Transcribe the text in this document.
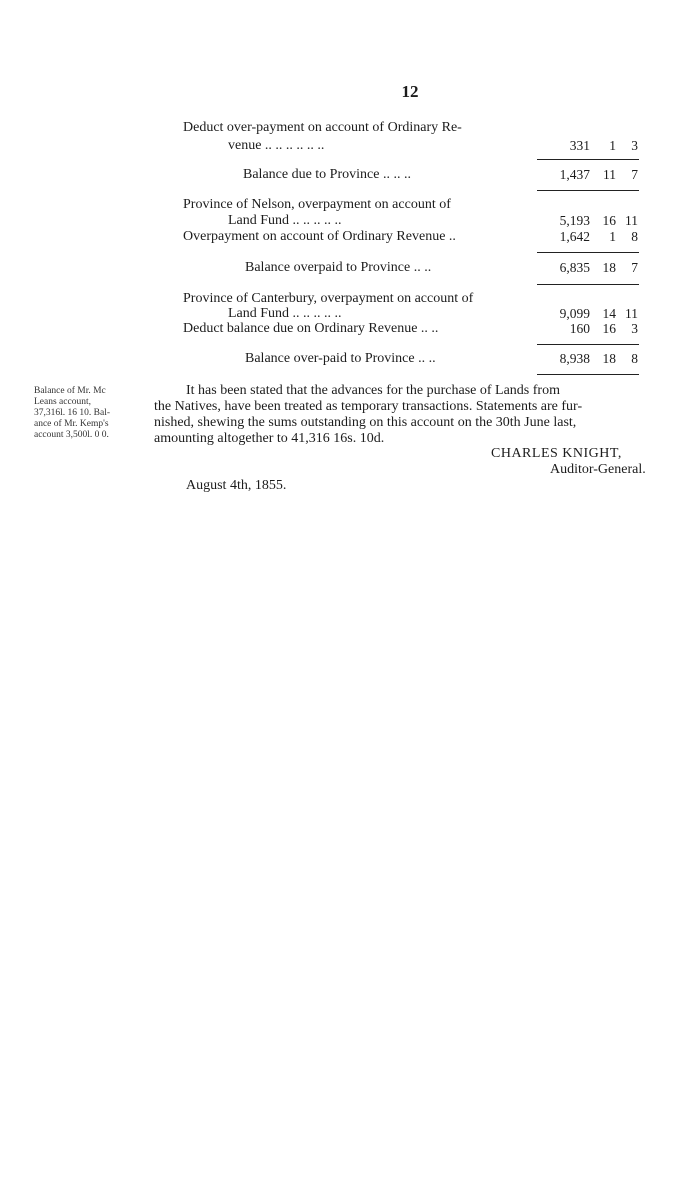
12
Deduct over-payment on account of Ordinary Re-
venue .. .. .. .. .. ..	331	1	3
Balance due to Province .. .. ..	1,437 11	7
Province of Nelson, overpayment on account of
Land Fund .. .. .. .. ..	5,193 16 11
Overpayment on account of Ordinary Revenue ..	1,642	1	8
Balance overpaid to Province .. ..	6,835 18	7
Province of Canterbury, overpayment on account of
Land Fund .. .. .. .. ..	9,099 14 11
Deduct balance due on Ordinary Revenue .. ..	160 16	3
Balance over-paid to Province .. ..	8,938 18	8
Balance of Mr. Mc
Leans account,
37,316l. 16 10. Bal-
ance of Mr. Kemp's
account 3,500l. 0 0.
It has been stated that the advances for the purchase of Lands from
the Natives, have been treated as temporary transactions. Statements are fur-
nished, shewing the sums outstanding on this account on the 30th June last,
amounting altogether to 41,316 16s. 10d.
CHARLES KNIGHT,
Auditor-General.
August 4th, 1855.
